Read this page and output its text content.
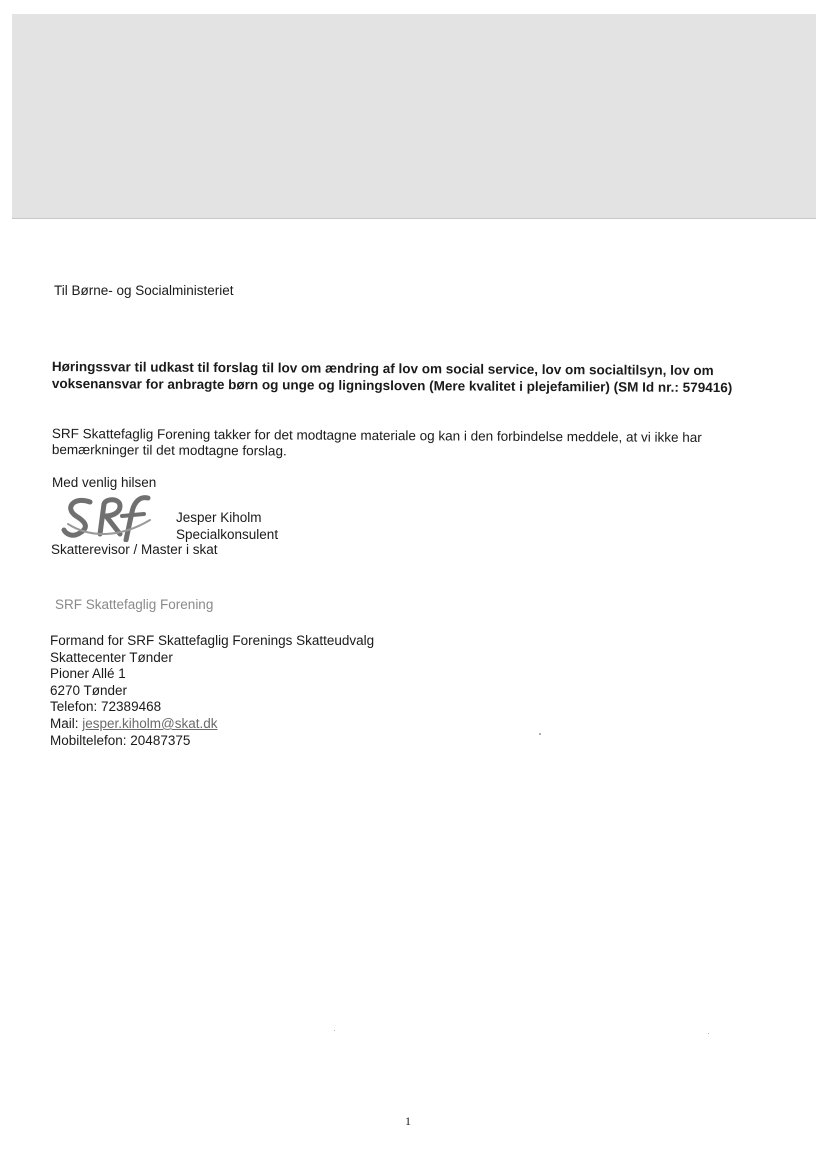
Til Børne- og Socialministeriet
Høringssvar til udkast til forslag til lov om ændring af lov om social service, lov om socialtilsyn, lov om voksenansvar for anbragte børn og unge og ligningsloven (Mere kvalitet i plejefamilier) (SM Id nr.: 579416)
SRF Skattefaglig Forening takker for det modtagne materiale og kan i den forbindelse meddele, at vi ikke har bemærkninger til det modtagne forslag.
Med venlig hilsen
Jesper Kiholm
Specialkonsulent
Skatterevisor / Master i skat
SRF Skattefaglig Forening
Formand for SRF Skattefaglig Forenings Skatteudvalg
Skattecenter Tønder
Pioner Allé 1
6270 Tønder
Telefon: 72389468
Mail: jesper.kiholm@skat.dk
Mobiltelefon: 20487375
1
